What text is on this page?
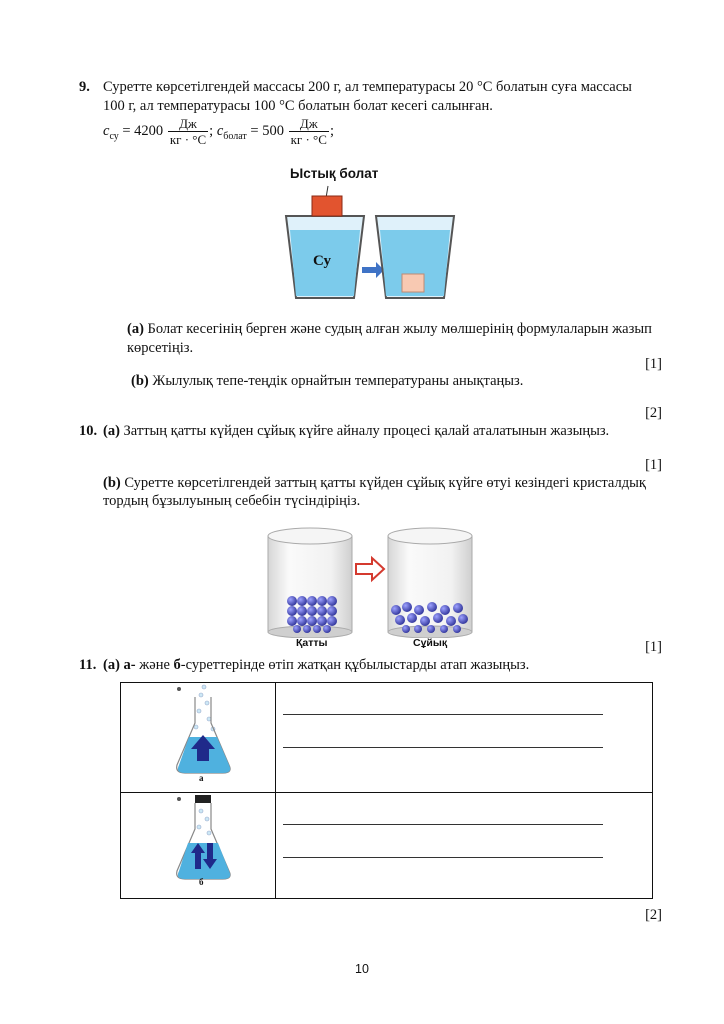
9. Суретте көрсетілгендей массасы 200 г, ал температурасы 20 °С болатын суға массасы
100 г, ал температурасы 100 °С болатын болат кесегі салынған.
$c_{су} = 4200 \frac{Дж}{кг \cdot ^\circ С}$ ; $c_{болат} = 500 \frac{Дж}{кг \cdot ^\circ С}$ ;
Ыстық болат
Су
(a) Болат кесегінің берген және судың алған жылу мөлшерінің формулаларын жазып
көрсетіңіз.
[1]
(b) Жылулық тепе-теңдік орнайтын температураны анықтаңыз.
[2]
10. (a) Заттың қатты күйден сұйық күйге айналу процесі қалай аталатынын жазыңыз.
[1]
(b) Суретте көрсетілгендей заттың қатты күйден сұйық күйге өтуі кезіндегі кристалдық
тордың бұзылуының себебін түсіндіріңіз.
Қатты	Сұйық	[1]
11. (a) а- және б-суреттерінде өтіп жатқан құбылыстарды атап жазыңыз.
а	

б	

[2]
10
